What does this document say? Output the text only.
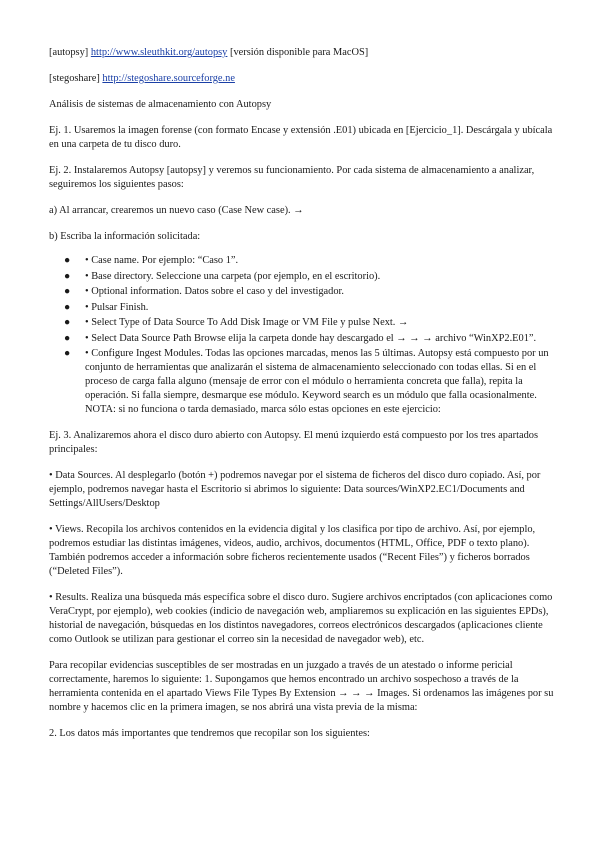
[autopsy] http://www.sleuthkit.org/autopsy [versión disponible para MacOS]

[stegoshare] http://stegoshare.sourceforge.ne

Análisis de sistemas de almacenamiento con Autopsy

Ej. 1. Usaremos la imagen forense (con formato Encase y extensión .E01) ubicada en [Ejercicio_1]. Descárgala y ubícala en una carpeta de tu disco duro.

Ej. 2. Instalaremos Autopsy [autopsy] y veremos su funcionamiento. Por cada sistema de almacenamiento a analizar, seguiremos los siguientes pasos:

a) Al arrancar, crearemos un nuevo caso (Case New case). →

b) Escriba la información solicitada:

● • Case name. Por ejemplo: “Caso 1”.
● • Base directory. Seleccione una carpeta (por ejemplo, en el escritorio).
● • Optional information. Datos sobre el caso y del investigador.
● • Pulsar Finish.
● • Select Type of Data Source To Add Disk Image or VM File y pulse Next. →
● • Select Data Source Path Browse elija la carpeta donde hay descargado el → → → archivo “WinXP2.E01”.
● • Configure Ingest Modules. Todas las opciones marcadas, menos las 5 últimas. Autopsy está compuesto por un conjunto de herramientas que analizarán el sistema de almacenamiento seleccionado con todas ellas. Si en el proceso de carga falla alguno (mensaje de error con el módulo o herramienta concreta que falla), repita la operación. Si falla siempre, desmarque ese módulo. Keyword search es un módulo que falla ocasionalmente. NOTA: si no funciona o tarda demasiado, marca sólo estas opciones en este ejercicio:

Ej. 3. Analizaremos ahora el disco duro abierto con Autopsy. El menú izquierdo está compuesto por los tres apartados principales:

• Data Sources. Al desplegarlo (botón +) podremos navegar por el sistema de ficheros del disco duro copiado. Así, por ejemplo, podremos navegar hasta el Escritorio si abrimos lo siguiente: Data sources/WinXP2.EC1/Documents and Settings/AllUsers/Desktop

• Views. Recopila los archivos contenidos en la evidencia digital y los clasifica por tipo de archivo. Así, por ejemplo, podremos estudiar las distintas imágenes, videos, audio, archivos, documentos (HTML, Office, PDF o texto plano). También podremos acceder a información sobre ficheros recientemente usados (“Recent Files”) y ficheros borrados (“Deleted Files”).

• Results. Realiza una búsqueda más específica sobre el disco duro. Sugiere archivos encriptados (con aplicaciones como VeraCrypt, por ejemplo), web cookies (indicio de navegación web, ampliaremos su explicación en las siguientes EPDs), historial de navegación, búsquedas en los distintos navegadores, correos electrónicos descargados (aplicaciones cliente como Outlook se utilizan para gestionar el correo sin la necesidad de navegador web), etc.

Para recopilar evidencias susceptibles de ser mostradas en un juzgado a través de un atestado o informe pericial correctamente, haremos lo siguiente: 1. Supongamos que hemos encontrado un archivo sospechoso a través de la herramienta contenida en el apartado Views File Types By Extension → → → Images. Si ordenamos las imágenes por su nombre y hacemos clic en la primera imagen, se nos abrirá una vista previa de la misma:

2. Los datos más importantes que tendremos que recopilar son los siguientes:
